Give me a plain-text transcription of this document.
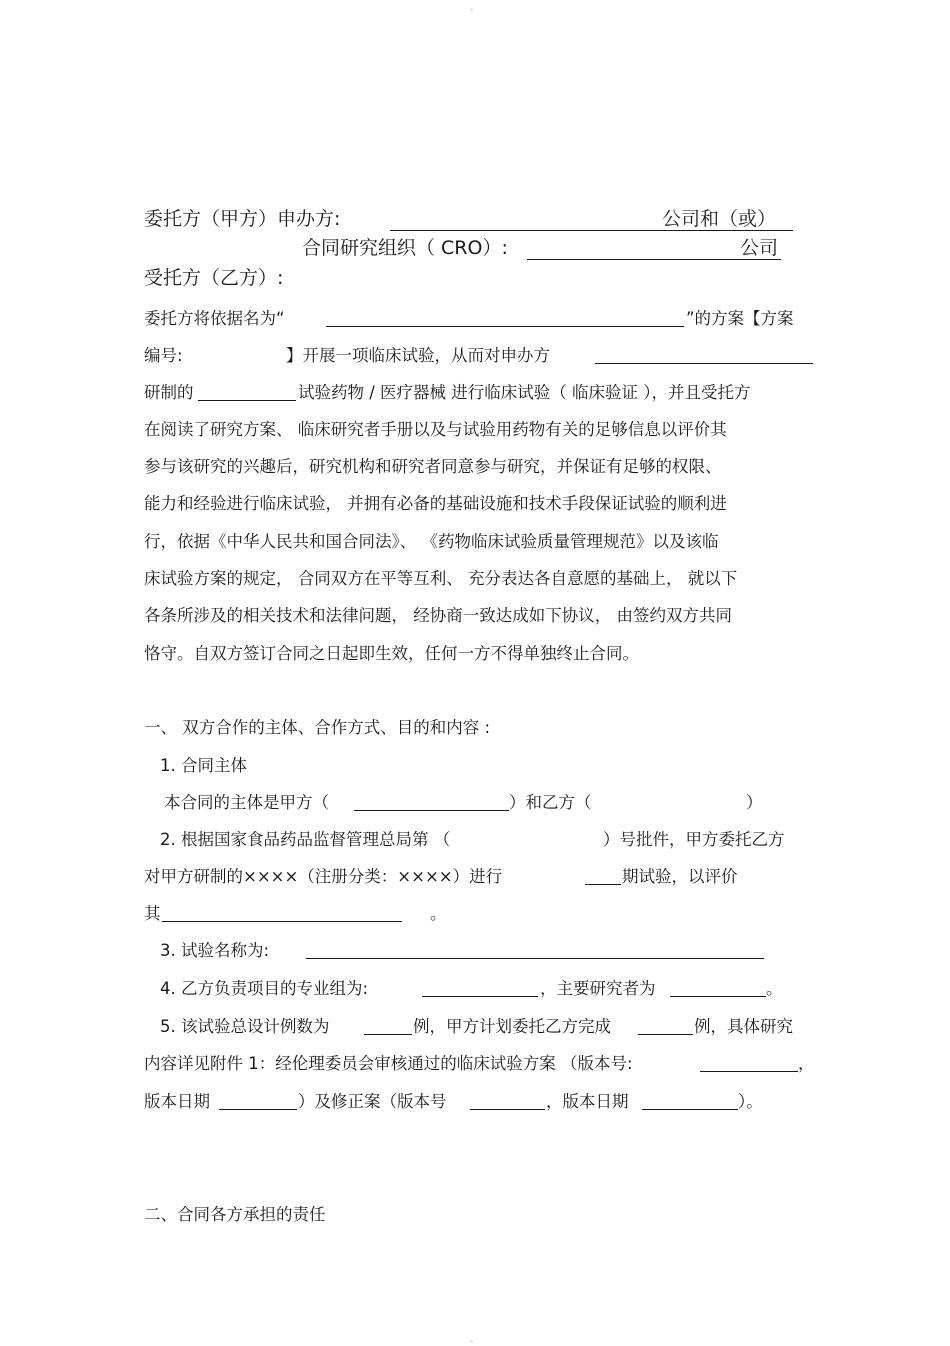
。
委托方（甲方）申办方:	公司和（或）
合同研究组织（ CRO）:	公司
受托方（乙方）:
委托方将依据名为“	”的方案【方案
编号:	】开展一项临床试验，从而对申办方
研制的	试验药物 / 医疗器械 进行临床试验（ 临床验证 ），并且受托方
在阅读了研究方案、 临床研究者手册以及与试验用药物有关的足够信息以评价其
参与该研究的兴趣后，研究机构和研究者同意参与研究，并保证有足够的权限、
能力和经验进行临床试验， 并拥有必备的基础设施和技术手段保证试验的顺利进
行，依据《中华人民共和国合同法》、 《药物临床试验质量管理规范》以及该临
床试验方案的规定， 合同双方在平等互利、 充分表达各自意愿的基础上， 就以下
各条所涉及的相关技术和法律问题， 经协商一致达成如下协议， 由签约双方共同
恪守。自双方签订合同之日起即生效，任何一方不得单独终止合同。
一、 双方合作的主体、合作方式、目的和内容 :
1. 合同主体
本合同的主体是甲方（	）和乙方（	）
2. 根据国家食品药品监督管理总局第 （	）号批件，甲方委托乙方
对甲方研制的××××（注册分类：××××）进行	期试验，以评价
其	。
3. 试验名称为:
4. 乙方负责项目的专业组为:	，主要研究者为	。
5. 该试验总设计例数为	例，甲方计划委托乙方完成	例，具体研究
内容详见附件 1：经伦理委员会审核通过的临床试验方案 （版本号:	，
版本日期	）及修正案（版本号	，版本日期	）。
二、合同各方承担的责任
。
